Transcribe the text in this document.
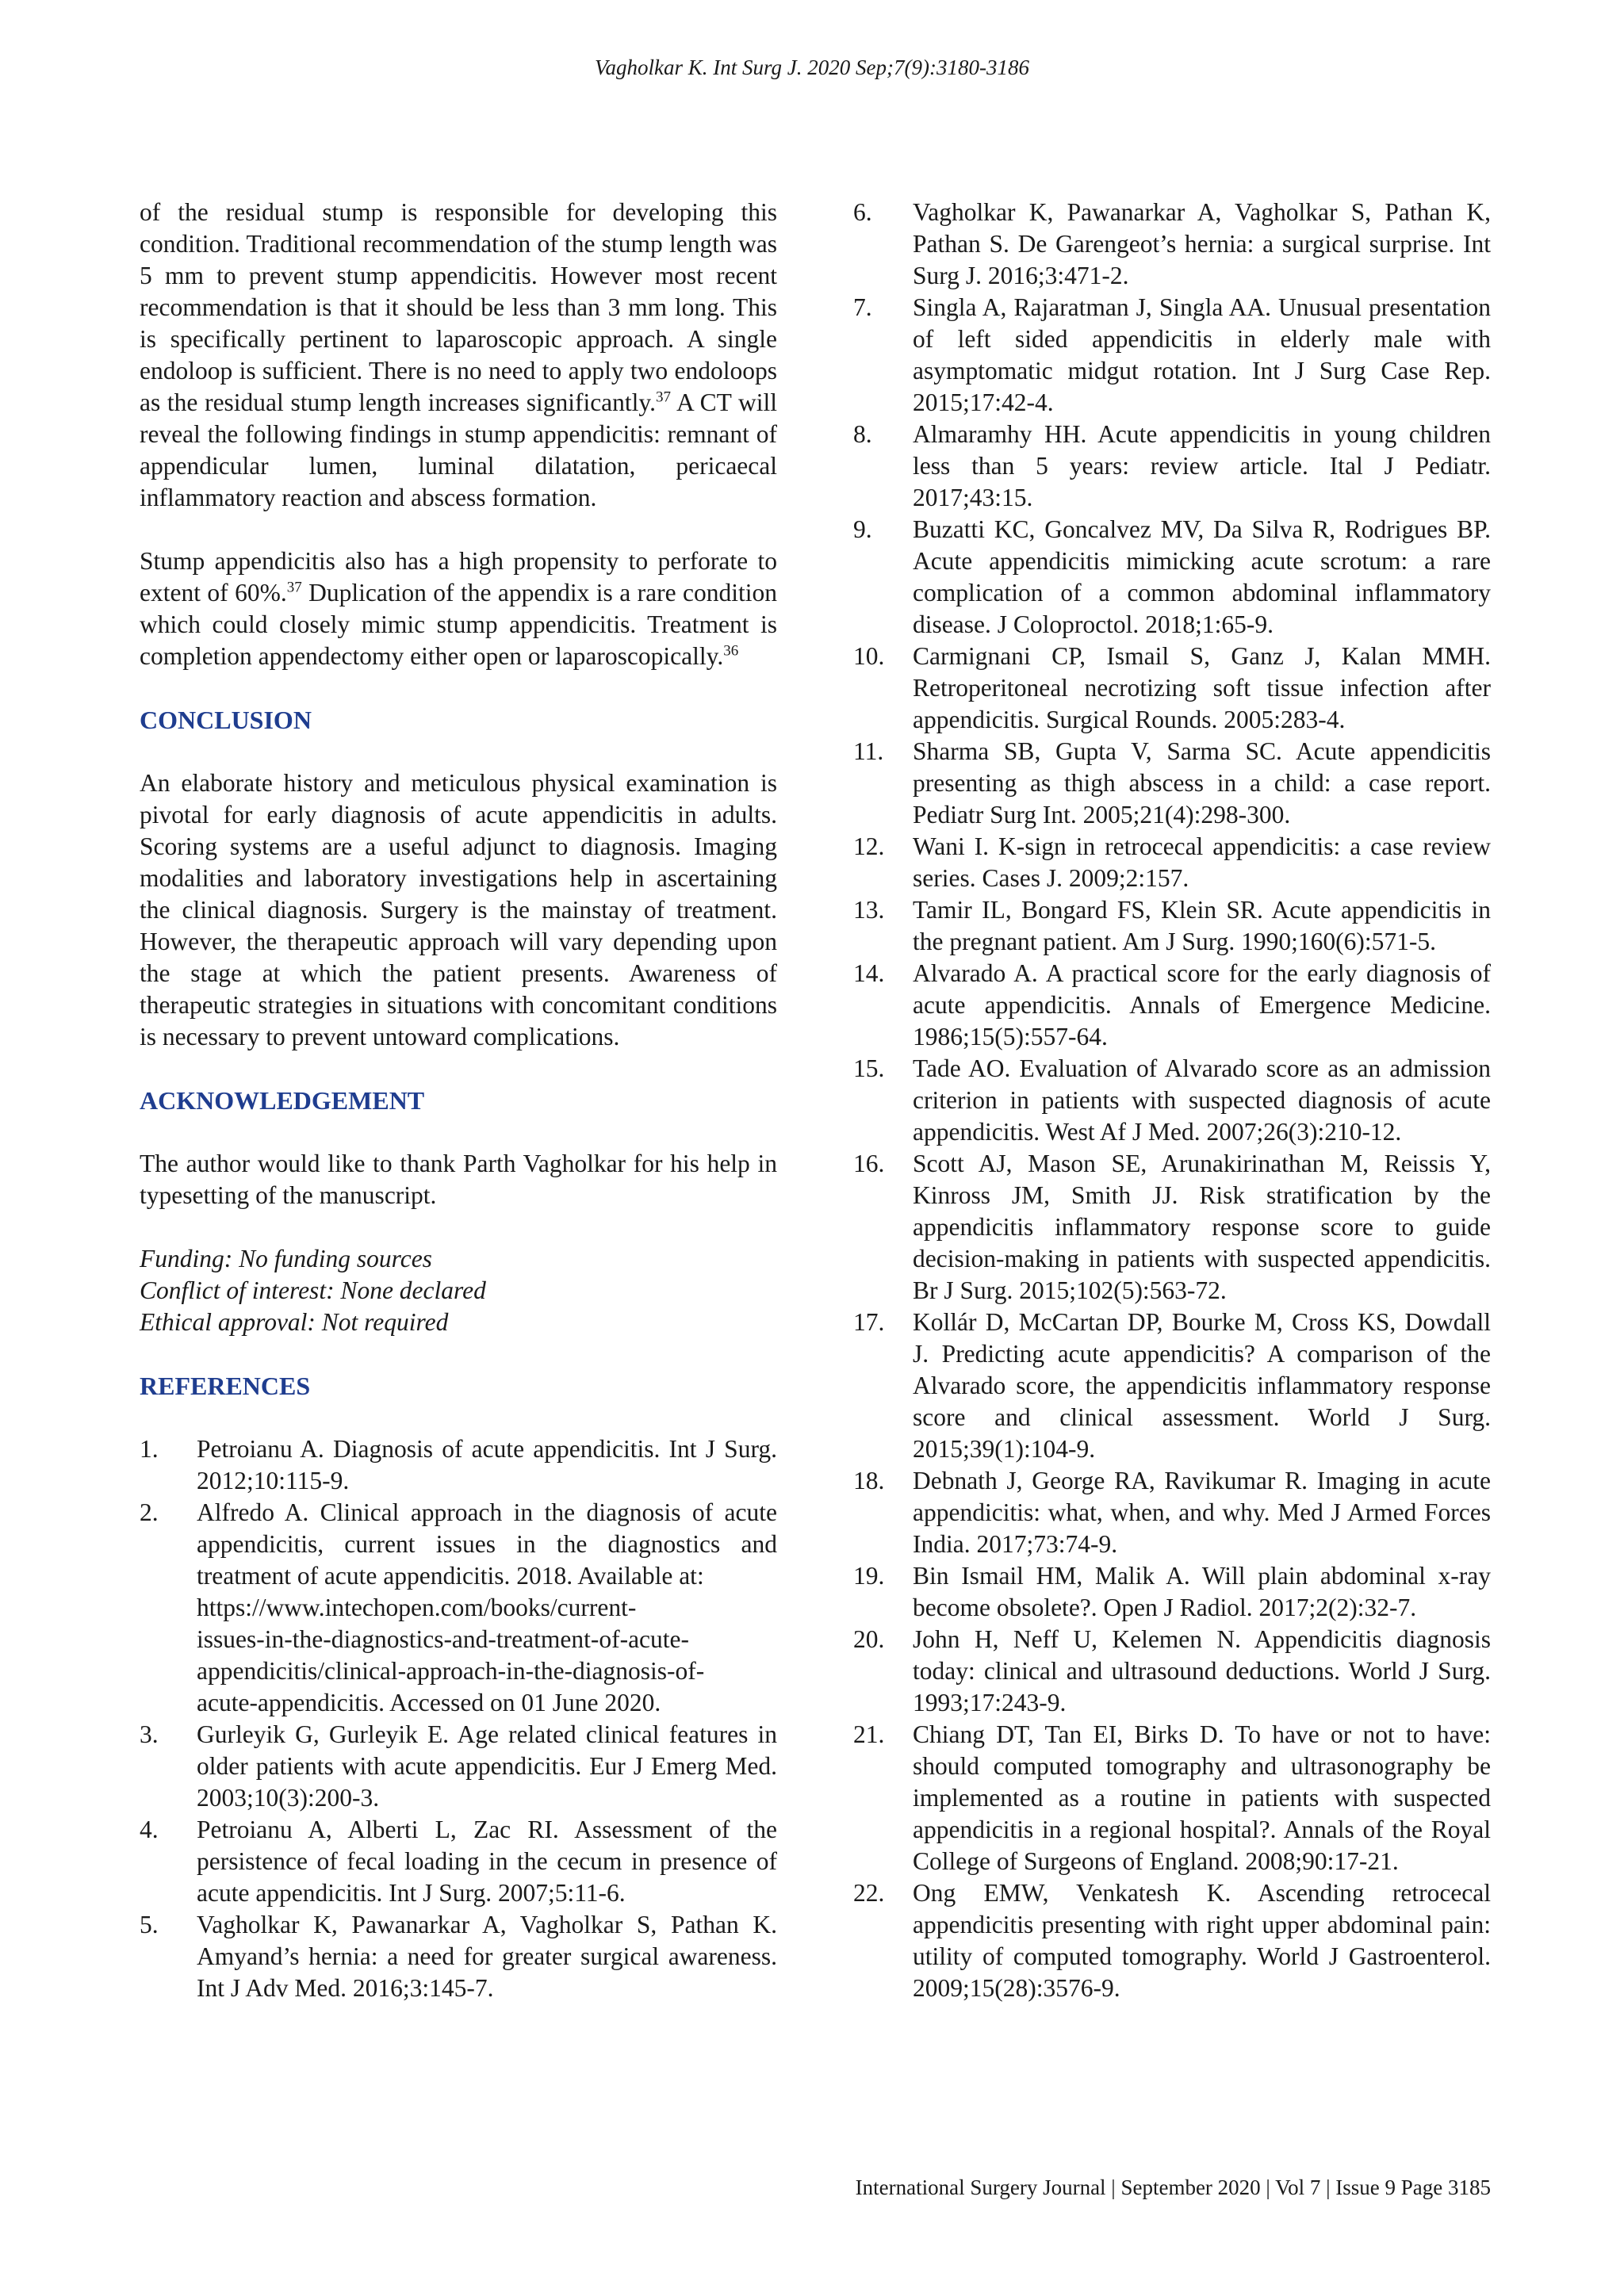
Vagholkar K. Int Surg J. 2020 Sep;7(9):3180-3186

of the residual stump is responsible for developing this condition. Traditional recommendation of the stump length was 5 mm to prevent stump appendicitis. However most recent recommendation is that it should be less than 3 mm long. This is specifically pertinent to laparoscopic approach. A single endoloop is sufficient. There is no need to apply two endoloops as the residual stump length increases significantly.$^{37}$ A CT will reveal the following findings in stump appendicitis: remnant of appendicular lumen, luminal dilatation, pericaecal inflammatory reaction and abscess formation.

Stump appendicitis also has a high propensity to perforate to extent of 60%.$^{37}$ Duplication of the appendix is a rare condition which could closely mimic stump appendicitis. Treatment is completion appendectomy either open or laparoscopically.$^{36}$

CONCLUSION

An elaborate history and meticulous physical examination is pivotal for early diagnosis of acute appendicitis in adults. Scoring systems are a useful adjunct to diagnosis. Imaging modalities and laboratory investigations help in ascertaining the clinical diagnosis. Surgery is the mainstay of treatment. However, the therapeutic approach will vary depending upon the stage at which the patient presents. Awareness of therapeutic strategies in situations with concomitant conditions is necessary to prevent untoward complications.

ACKNOWLEDGEMENT

The author would like to thank Parth Vagholkar for his help in typesetting of the manuscript.

Funding: No funding sources
Conflict of interest: None declared
Ethical approval: Not required
REFERENCES
1.	Petroianu A. Diagnosis of acute appendicitis. Int J Surg. 2012;10:115-9.
2.	Alfredo A. Clinical approach in the diagnosis of acute appendicitis, current issues in the diagnostics and treatment of acute appendicitis. 2018. Available at:
https://www.intechopen.com/books/current-
issues-in-the-diagnostics-and-treatment-of-acute-
appendicitis/clinical-approach-in-the-diagnosis-of-
acute-appendicitis. Accessed on 01 June 2020.
3.	Gurleyik G, Gurleyik E. Age related clinical features in older patients with acute appendicitis. Eur J Emerg Med. 2003;10(3):200-3.
4.	Petroianu A, Alberti L, Zac RI. Assessment of the persistence of fecal loading in the cecum in presence of acute appendicitis. Int J Surg. 2007;5:11-6.
5.	Vagholkar K, Pawanarkar A, Vagholkar S, Pathan K. Amyand’s hernia: a need for greater surgical awareness. Int J Adv Med. 2016;3:145-7.
6.	Vagholkar K, Pawanarkar A, Vagholkar S, Pathan K, Pathan S. De Garengeot’s hernia: a surgical surprise. Int Surg J. 2016;3:471-2.
7.	Singla A, Rajaratman J, Singla AA. Unusual presentation of left sided appendicitis in elderly male with asymptomatic midgut rotation. Int J Surg Case Rep. 2015;17:42-4.
8.	Almaramhy HH. Acute appendicitis in young children less than 5 years: review article. Ital J Pediatr. 2017;43:15.
9.	Buzatti KC, Goncalvez MV, Da Silva R, Rodrigues BP. Acute appendicitis mimicking acute scrotum: a rare complication of a common abdominal inflammatory disease. J Coloproctol. 2018;1:65-9.
10.	Carmignani CP, Ismail S, Ganz J, Kalan MMH. Retroperitoneal necrotizing soft tissue infection after appendicitis. Surgical Rounds. 2005:283-4.
11.	Sharma SB, Gupta V, Sarma SC. Acute appendicitis presenting as thigh abscess in a child: a case report. Pediatr Surg Int. 2005;21(4):298-300.
12.	Wani I. K-sign in retrocecal appendicitis: a case review series. Cases J. 2009;2:157.
13.	Tamir IL, Bongard FS, Klein SR. Acute appendicitis in the pregnant patient. Am J Surg. 1990;160(6):571-5.
14.	Alvarado A. A practical score for the early diagnosis of acute appendicitis. Annals of Emergence Medicine. 1986;15(5):557-64.
15.	Tade AO. Evaluation of Alvarado score as an admission criterion in patients with suspected diagnosis of acute appendicitis. West Af J Med. 2007;26(3):210-12.
16.	Scott AJ, Mason SE, Arunakirinathan M, Reissis Y, Kinross JM, Smith JJ. Risk stratification by the appendicitis inflammatory response score to guide decision-making in patients with suspected appendicitis. Br J Surg. 2015;102(5):563-72.
17.	Kollár D, McCartan DP, Bourke M, Cross KS, Dowdall J. Predicting acute appendicitis? A comparison of the Alvarado score, the appendicitis inflammatory response score and clinical assessment. World J Surg. 2015;39(1):104-9.
18.	Debnath J, George RA, Ravikumar R. Imaging in acute appendicitis: what, when, and why. Med J Armed Forces India. 2017;73:74-9.
19.	Bin Ismail HM, Malik A. Will plain abdominal x-ray become obsolete?. Open J Radiol. 2017;2(2):32-7.
20.	John H, Neff U, Kelemen N. Appendicitis diagnosis today: clinical and ultrasound deductions. World J Surg. 1993;17:243-9.
21.	Chiang DT, Tan EI, Birks D. To have or not to have: should computed tomography and ultrasonography be implemented as a routine in patients with suspected appendicitis in a regional hospital?. Annals of the Royal College of Surgeons of England. 2008;90:17-21.
22.	Ong EMW, Venkatesh K. Ascending retrocecal appendicitis presenting with right upper abdominal pain: utility of computed tomography. World J Gastroenterol. 2009;15(28):3576-9.
International Surgery Journal | September 2020 | Vol 7 | Issue 9 Page 3185
